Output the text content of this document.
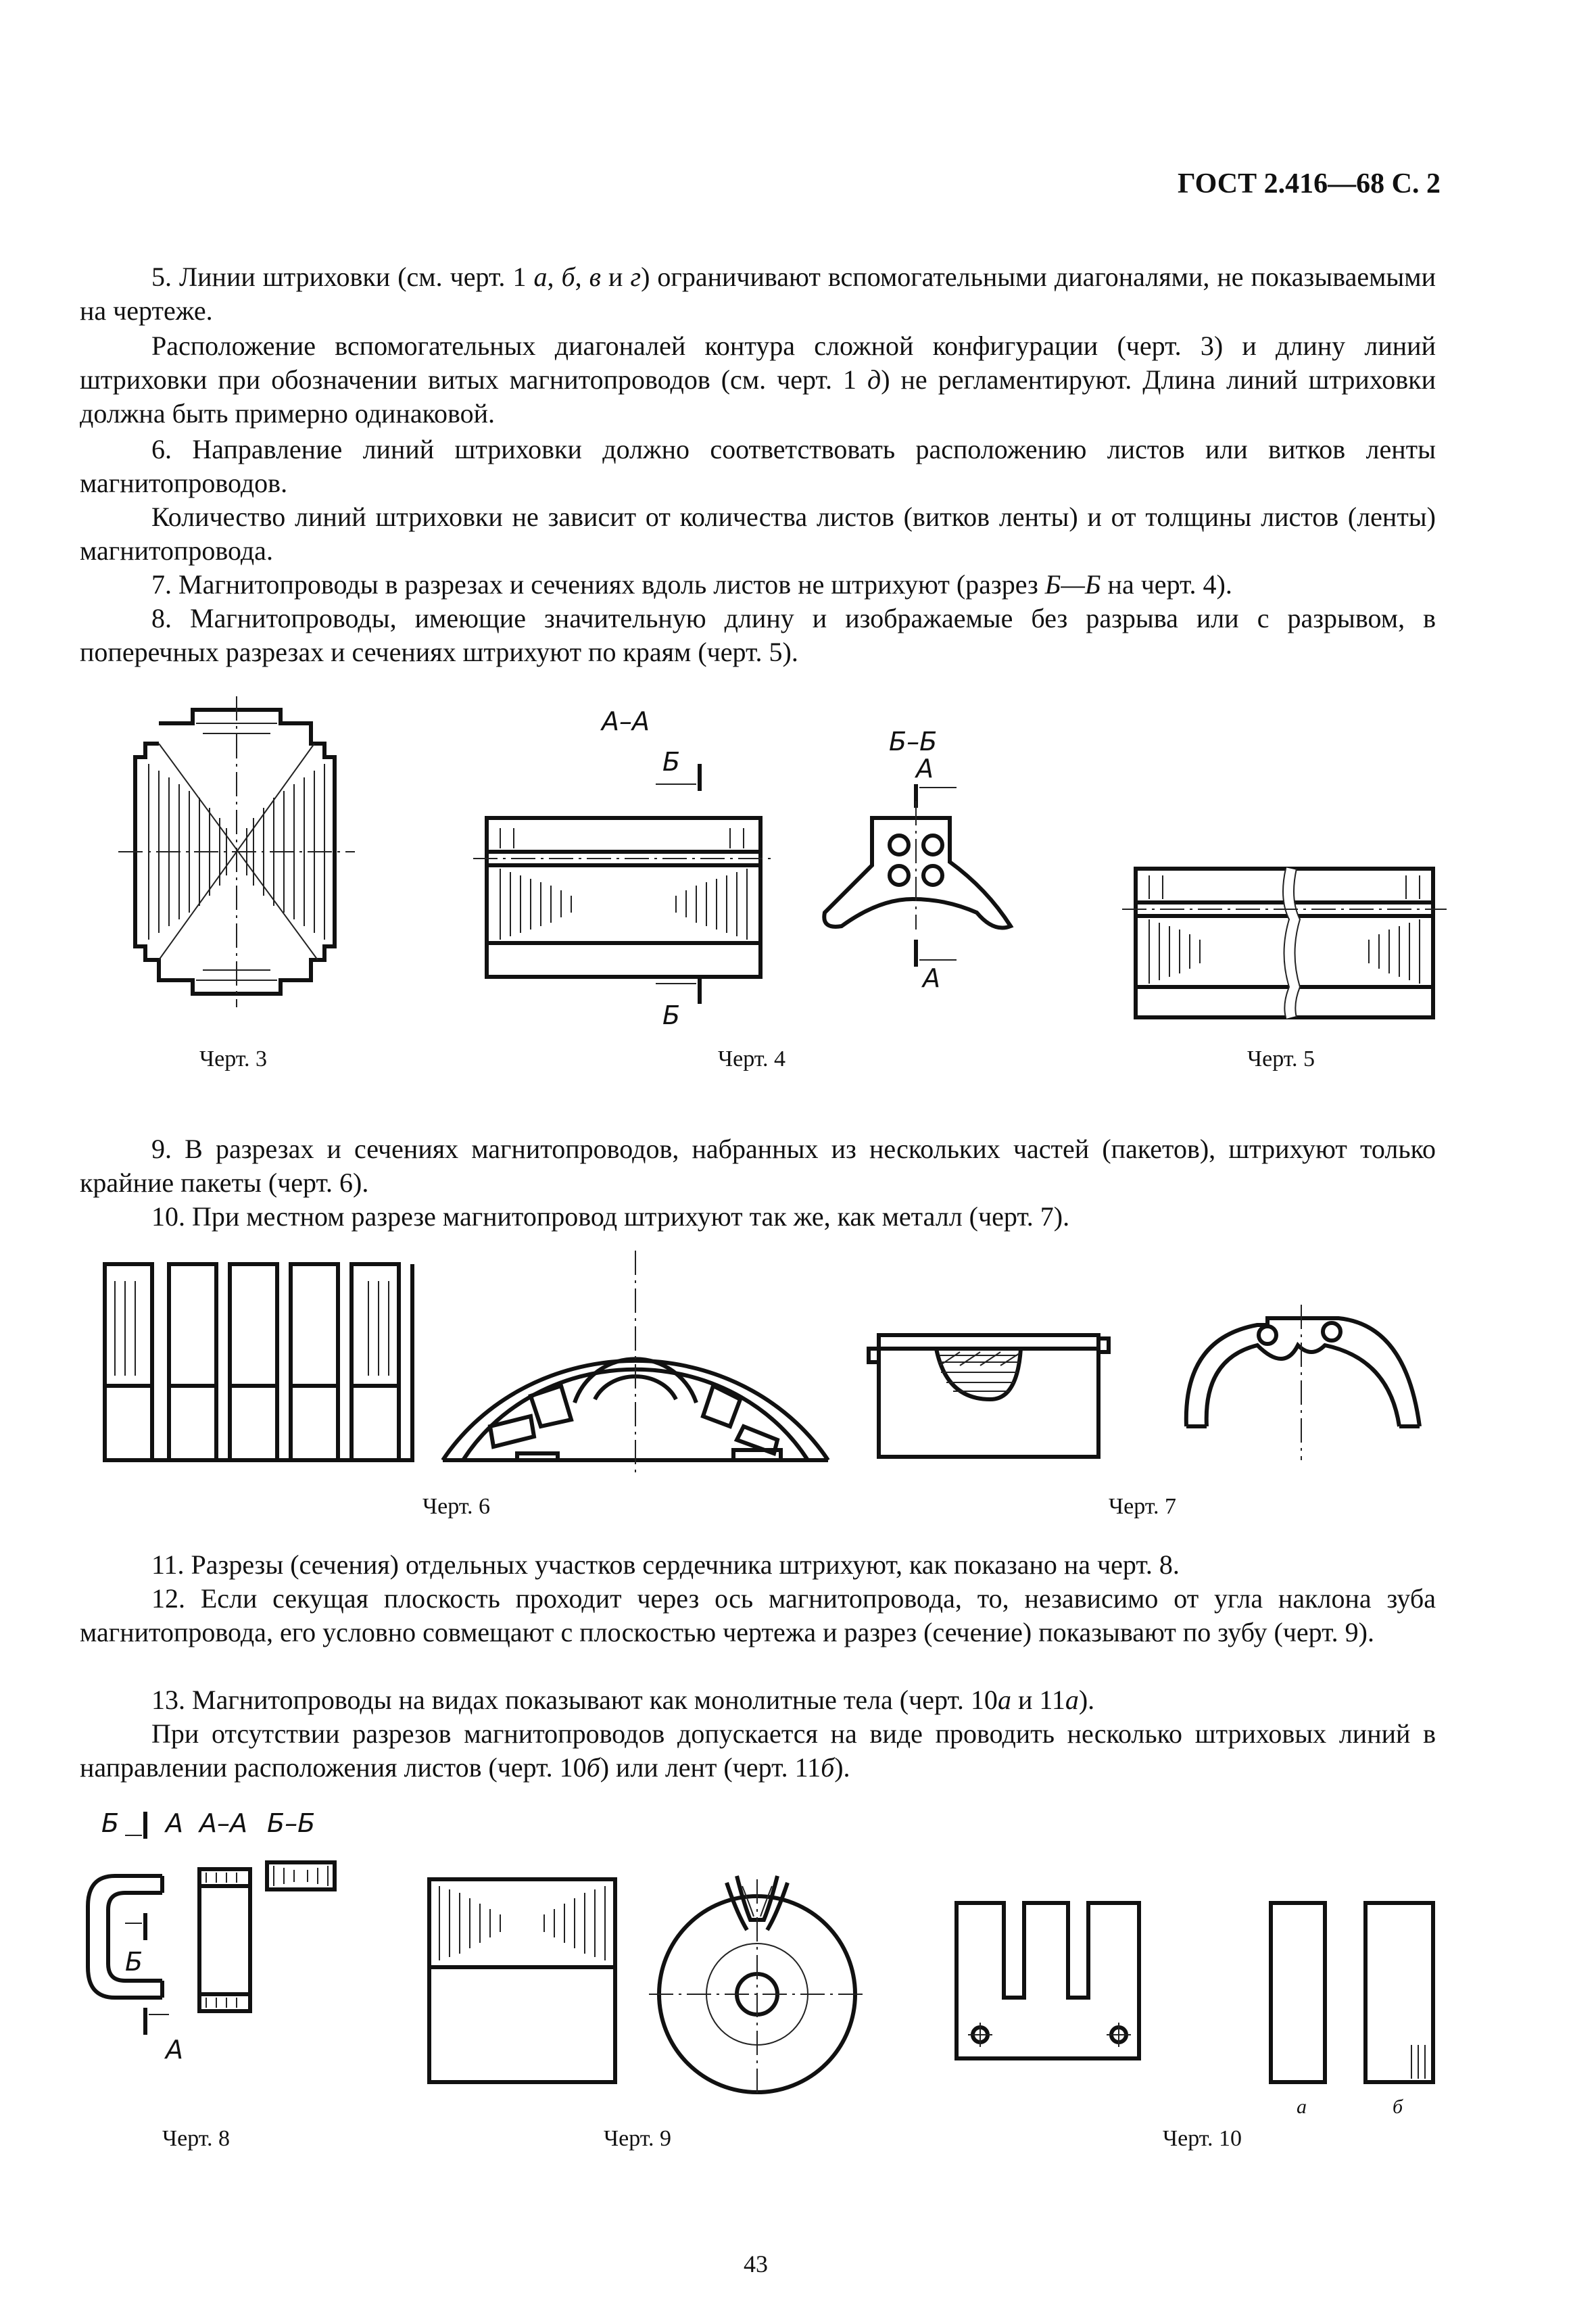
ГОСТ 2.416—68 С. 2

5. Линии штриховки (см. черт. 1 а, б, в и г) ограничивают вспомогательными диагоналями, не показываемыми на чертеже.

Расположение вспомогательных диагоналей контура сложной конфигурации (черт. 3) и длину линий штриховки при обозначении витых магнитопроводов (см. черт. 1 д) не регламентируют. Длина линий штриховки должна быть примерно одинаковой.

6. Направление линий штриховки должно соответствовать расположению листов или витков ленты магнитопроводов.

Количество линий штриховки не зависит от количества листов (витков ленты) и от толщины листов (ленты) магнитопровода.

7. Магнитопроводы в разрезах и сечениях вдоль листов не штрихуют (разрез Б—Б на черт. 4).

8. Магнитопроводы, имеющие значительную длину и изображаемые без разрыва или с разрывом, в поперечных разрезах и сечениях штрихуют по краям (черт. 5).

Черт. 3
А–А
Б
Б
Б–Б
А
А
Черт. 4	Черт. 5

9. В разрезах и сечениях магнитопроводов, набранных из нескольких частей (пакетов), штрихуют только крайние пакеты (черт. 6).

10. При местном разрезе магнитопровод штрихуют так же, как металл (черт. 7).

Черт. 6	Черт. 7

11. Разрезы (сечения) отдельных участков сердечника штрихуют, как показано на черт. 8.

12. Если секущая плоскость проходит через ось магнитопровода, то, независимо от угла наклона зуба магнитопровода, его условно совмещают с плоскостью чертежа и разрез (сечение) показывают по зубу (черт. 9).

13. Магнитопроводы на видах показывают как монолитные тела (черт. 10а и 11а).

При отсутствии разрезов магнитопроводов допускается на виде проводить несколько штриховых линий в направлении расположения листов (черт. 10б) или лент (черт. 11б).

Б А А–А Б–Б
Б
А
Черт. 8	Черт. 9
а	б
Черт. 10
43
